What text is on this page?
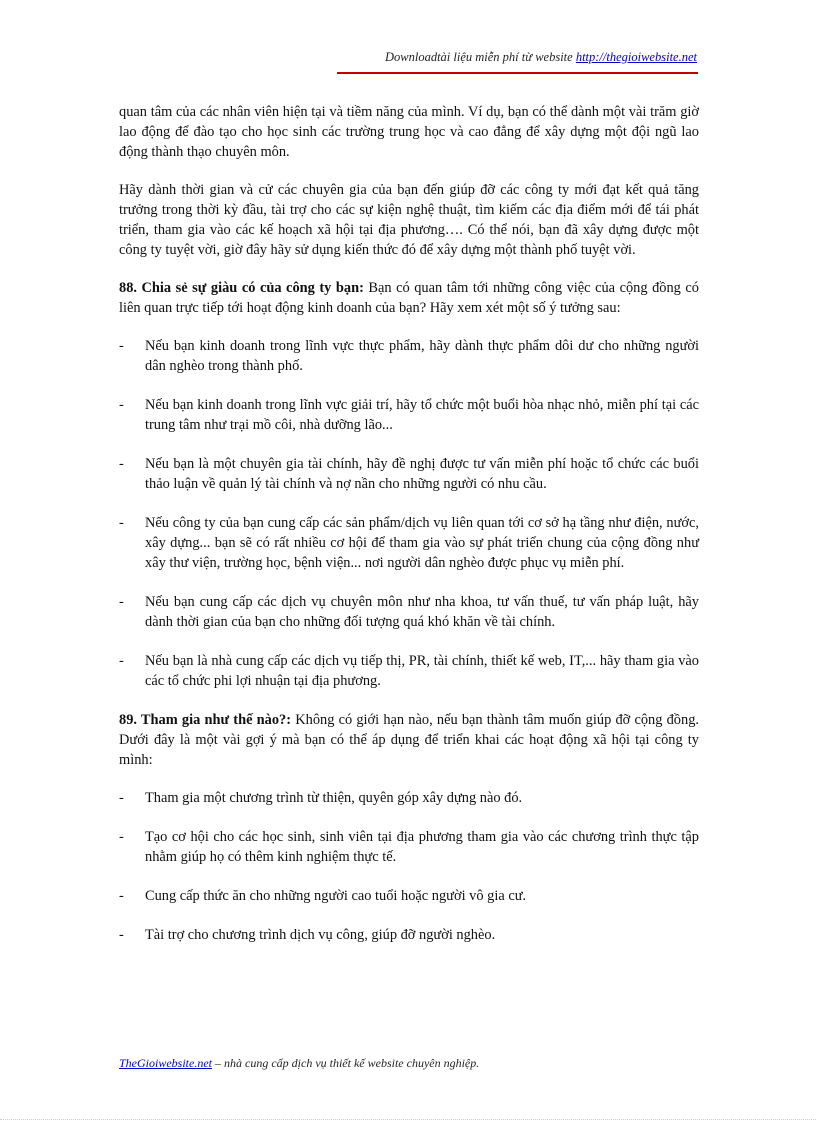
Downloadtài liệu miễn phí từ website http://thegioiwebsite.net

quan tâm của các nhân viên hiện tại và tiềm năng của mình. Ví dụ, bạn có thể dành một vài trăm giờ lao động để đào tạo cho học sinh các trường trung học và cao đẳng để xây dựng một đội ngũ lao động thành thạo chuyên môn.

Hãy dành thời gian và cử các chuyên gia của bạn đến giúp đỡ các công ty mới đạt kết quả tăng trưởng trong thời kỳ đầu, tài trợ cho các sự kiện nghệ thuật, tìm kiếm các địa điểm mới để tái phát triển, tham gia vào các kế hoạch xã hội tại địa phương…. Có thể nói, bạn đã xây dựng được một công ty tuyệt vời, giờ đây hãy sử dụng kiến thức đó để xây dựng một thành phố tuyệt vời.

88. Chia sẻ sự giàu có của công ty bạn: Bạn có quan tâm tới những công việc của cộng đồng có liên quan trực tiếp tới hoạt động kinh doanh của bạn? Hãy xem xét một số ý tưởng sau:

- Nếu bạn kinh doanh trong lĩnh vực thực phẩm, hãy dành thực phẩm dôi dư cho những người dân nghèo trong thành phố.
- Nếu bạn kinh doanh trong lĩnh vực giải trí, hãy tổ chức một buổi hòa nhạc nhỏ, miễn phí tại các trung tâm như trại mồ côi, nhà dưỡng lão...
- Nếu bạn là một chuyên gia tài chính, hãy đề nghị được tư vấn miễn phí hoặc tổ chức các buổi thảo luận về quản lý tài chính và nợ nần cho những người có nhu cầu.
- Nếu công ty của bạn cung cấp các sản phẩm/dịch vụ liên quan tới cơ sở hạ tầng như điện, nước, xây dựng... bạn sẽ có rất nhiều cơ hội để tham gia vào sự phát triển chung của cộng đồng như xây thư viện, trường học, bệnh viện... nơi người dân nghèo được phục vụ miễn phí.
- Nếu bạn cung cấp các dịch vụ chuyên môn như nha khoa, tư vấn thuế, tư vấn pháp luật, hãy dành thời gian của bạn cho những đối tượng quá khó khăn về tài chính.
- Nếu bạn là nhà cung cấp các dịch vụ tiếp thị, PR, tài chính, thiết kế web, IT,... hãy tham gia vào các tổ chức phi lợi nhuận tại địa phương.

89. Tham gia như thế nào?: Không có giới hạn nào, nếu bạn thành tâm muốn giúp đỡ cộng đồng. Dưới đây là một vài gợi ý mà bạn có thể áp dụng để triển khai các hoạt động xã hội tại công ty mình:

- Tham gia một chương trình từ thiện, quyên góp xây dựng nào đó.
- Tạo cơ hội cho các học sinh, sinh viên tại địa phương tham gia vào các chương trình thực tập nhằm giúp họ có thêm kinh nghiệm thực tế.
- Cung cấp thức ăn cho những người cao tuổi hoặc người vô gia cư.
- Tài trợ cho chương trình dịch vụ công, giúp đỡ người nghèo.
TheGioiwebsite.net – nhà cung cấp dịch vụ thiết kế website chuyên nghiệp.
